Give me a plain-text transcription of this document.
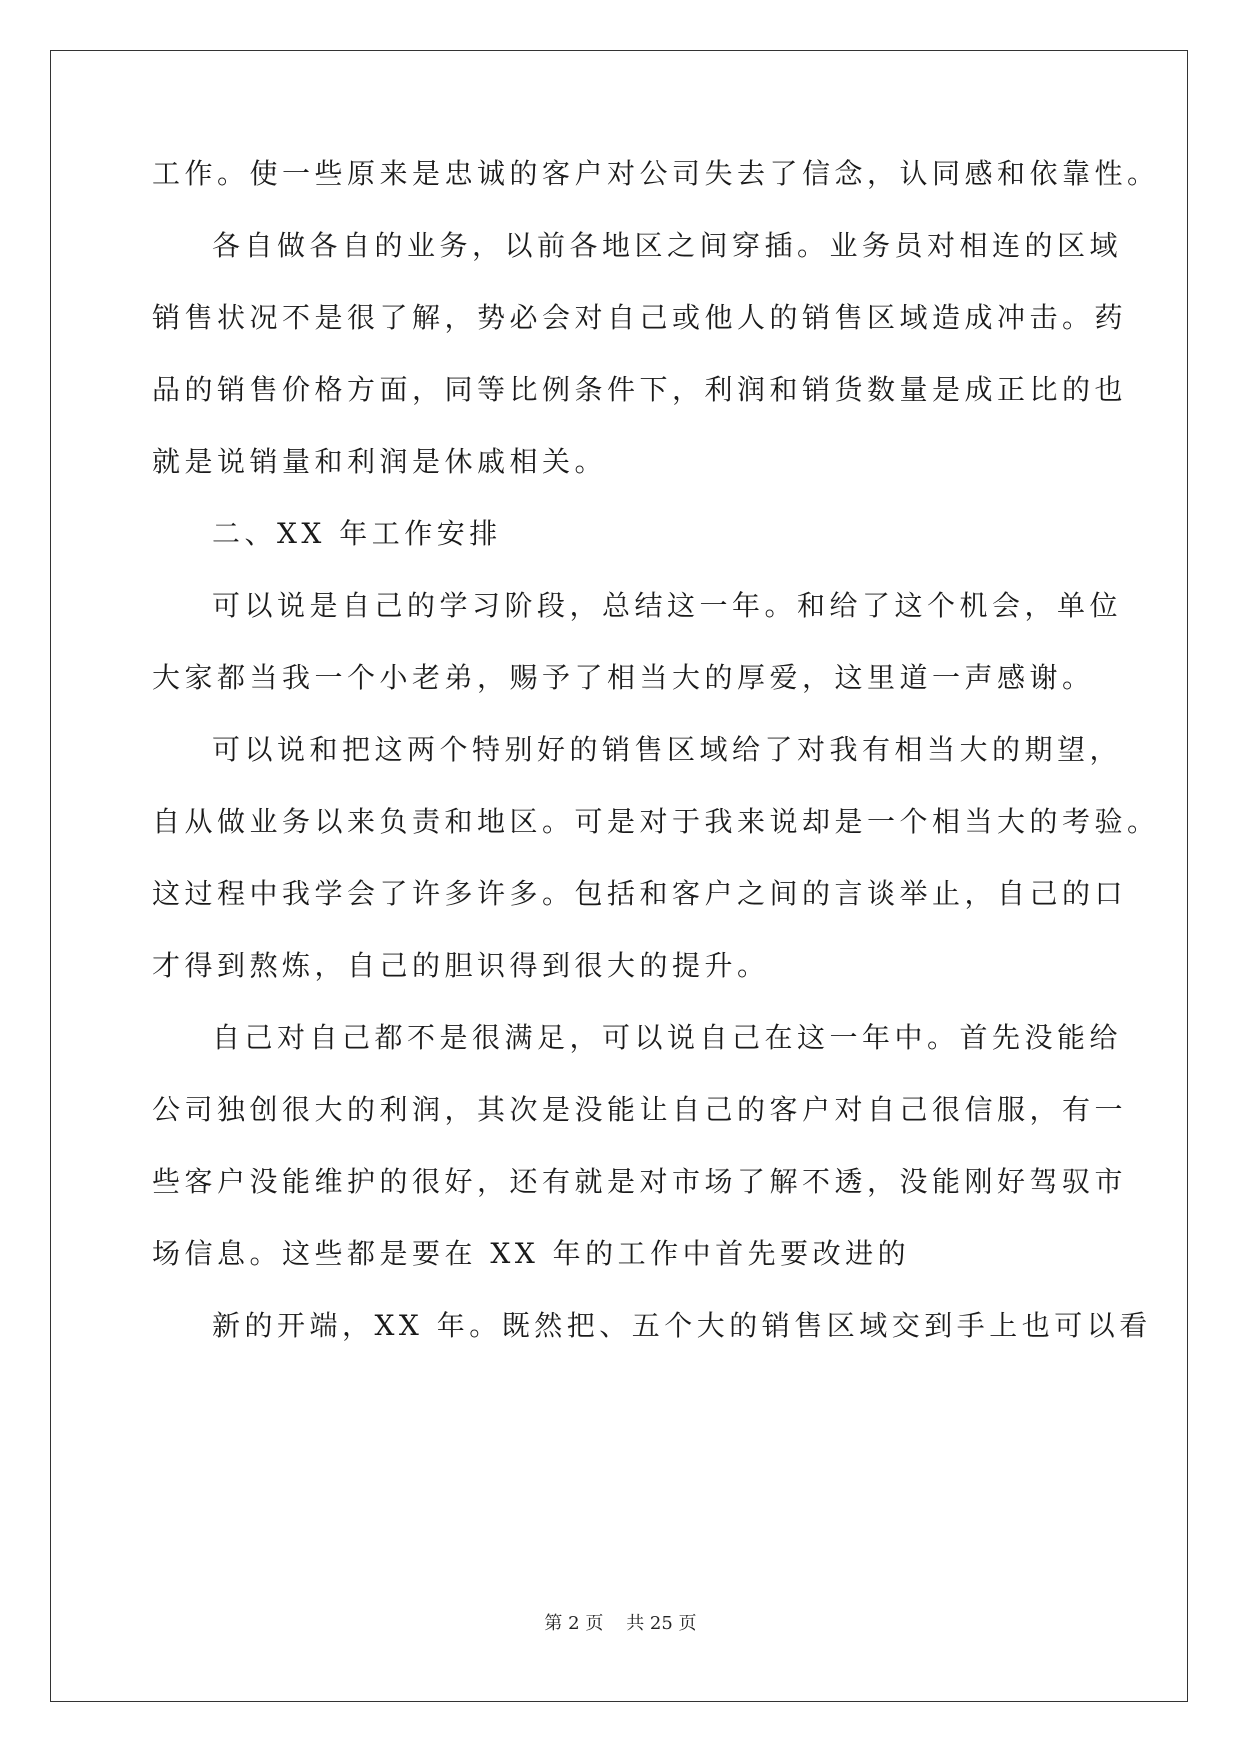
工作。使一些原来是忠诚的客户对公司失去了信念，认同感和依靠性。
各自做各自的业务，以前各地区之间穿插。业务员对相连的区域
销售状况不是很了解，势必会对自己或他人的销售区域造成冲击。药
品的销售价格方面，同等比例条件下，利润和销货数量是成正比的也
就是说销量和利润是休戚相关。
二、XX 年工作安排
可以说是自己的学习阶段，总结这一年。和给了这个机会，单位
大家都当我一个小老弟，赐予了相当大的厚爱，这里道一声感谢。
可以说和把这两个特别好的销售区域给了对我有相当大的期望，
自从做业务以来负责和地区。可是对于我来说却是一个相当大的考验。
这过程中我学会了许多许多。包括和客户之间的言谈举止，自己的口
才得到熬炼，自己的胆识得到很大的提升。
自己对自己都不是很满足，可以说自己在这一年中。首先没能给
公司独创很大的利润，其次是没能让自己的客户对自己很信服，有一
些客户没能维护的很好，还有就是对市场了解不透，没能刚好驾驭市
场信息。这些都是要在 XX 年的工作中首先要改进的
新的开端，XX 年。既然把、五个大的销售区域交到手上也可以看
第 2 页    共 25 页
